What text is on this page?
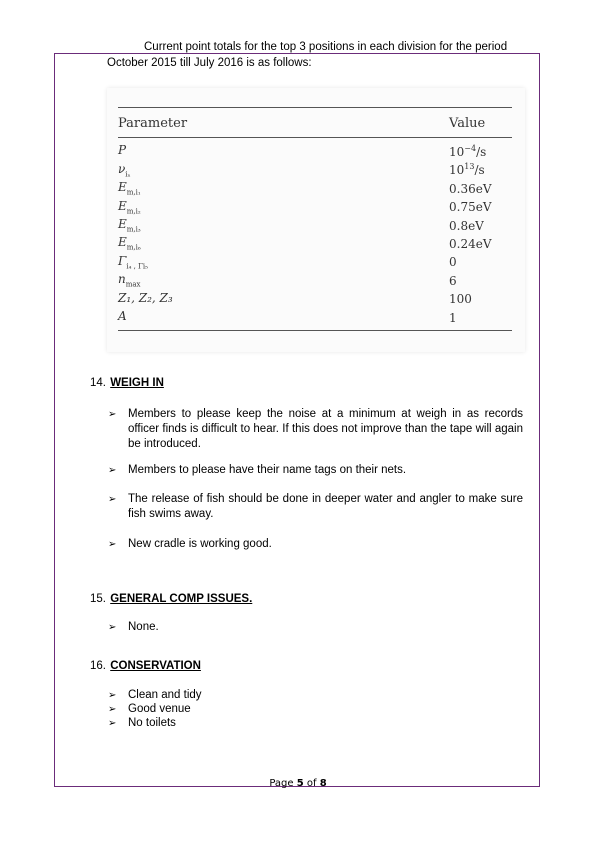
Current point totals for the top 3 positions in each division for the period
October 2015 till July 2016 is as follows:
Parameter	Value
P	$10^{-4}/s$
$\nu_{i_n}$	$10^{13}/s$
$E_{m,i_1}$	0.36eV
$E_{m,i_2}$	0.75eV
$E_{m,i_3}$	0.8eV
$E_{m,i_6}$	0.24eV
$\Gamma_{i_4 , \Gamma i_5}$	0
$n_{max}$	6
Z₁, Z₂, Z₃	100
A	1
14. WEIGH IN
➢ Members to please keep the noise at a minimum at weigh in as records officer finds is difficult to hear. If this does not improve than the tape will again be introduced.
➢ Members to please have their name tags on their nets.
➢ The release of fish should be done in deeper water and angler to make sure fish swims away.
➢ New cradle is working good.
15. GENERAL COMP ISSUES.
➢ None.
16. CONSERVATION
➢ Clean and tidy
➢ Good venue
➢ No toilets
Page 5 of 8
